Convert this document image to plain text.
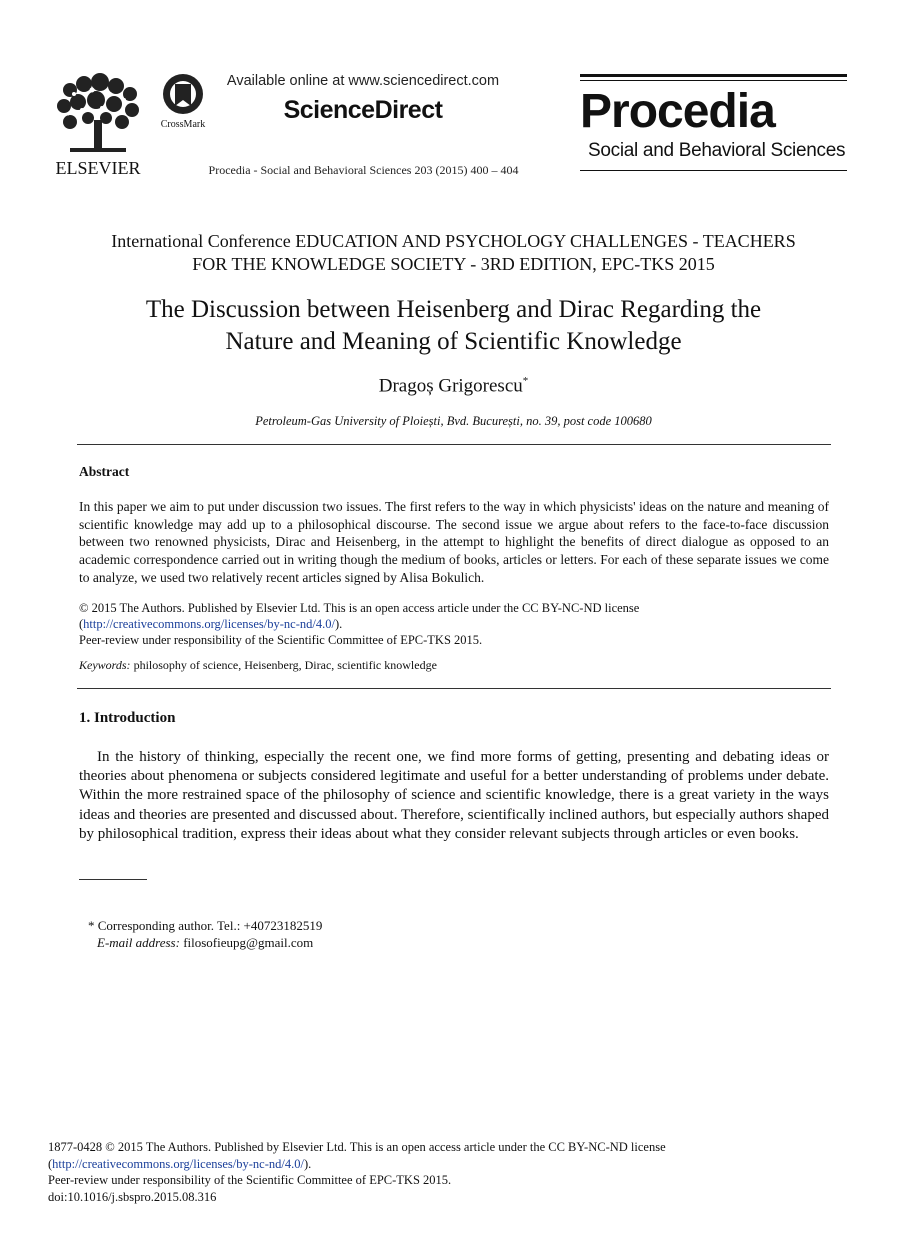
ELSEVIER
CrossMark
Available online at www.sciencedirect.com
ScienceDirect
Procedia - Social and Behavioral Sciences 203 (2015) 400 – 404
Procedia
Social and Behavioral Sciences
International Conference EDUCATION AND PSYCHOLOGY CHALLENGES - TEACHERS
FOR THE KNOWLEDGE SOCIETY - 3RD EDITION, EPC-TKS 2015
The Discussion between Heisenberg and Dirac Regarding the
Nature and Meaning of Scientific Knowledge
Dragoș Grigorescu*
Petroleum-Gas University of Ploiești, Bvd. București, no. 39, post code 100680
Abstract
In this paper we aim to put under discussion two issues. The first refers to the way in which physicists' ideas on the nature and meaning of scientific knowledge may add up to a philosophical discourse. The second issue we argue about refers to the face-to-face discussion between two renowned physicists, Dirac and Heisenberg, in the attempt to highlight the benefits of direct dialogue as opposed to an academic correspondence carried out in writing though the medium of books, articles or letters. For each of these separate issues we come to analyze, we used two relatively recent articles signed by Alisa Bokulich.
© 2015 The Authors. Published by Elsevier Ltd. This is an open access article under the CC BY-NC-ND license
(http://creativecommons.org/licenses/by-nc-nd/4.0/).
Peer-review under responsibility of the Scientific Committee of EPC-TKS 2015.
Keywords: philosophy of science, Heisenberg, Dirac, scientific knowledge
1. Introduction
In the history of thinking, especially the recent one, we find more forms of getting, presenting and debating ideas or theories about phenomena or subjects considered legitimate and useful for a better understanding of problems under debate. Within the more restrained space of the philosophy of science and scientific knowledge, there is a great variety in the ways ideas and theories are presented and discussed about. Therefore, scientifically inclined authors, but especially authors shaped by philosophical tradition, express their ideas about what they consider relevant subjects through articles or even books.
* Corresponding author. Tel.: +40723182519
E-mail address: filosofieupg@gmail.com
1877-0428 © 2015 The Authors. Published by Elsevier Ltd. This is an open access article under the CC BY-NC-ND license
(http://creativecommons.org/licenses/by-nc-nd/4.0/).
Peer-review under responsibility of the Scientific Committee of EPC-TKS 2015.
doi:10.1016/j.sbspro.2015.08.316
